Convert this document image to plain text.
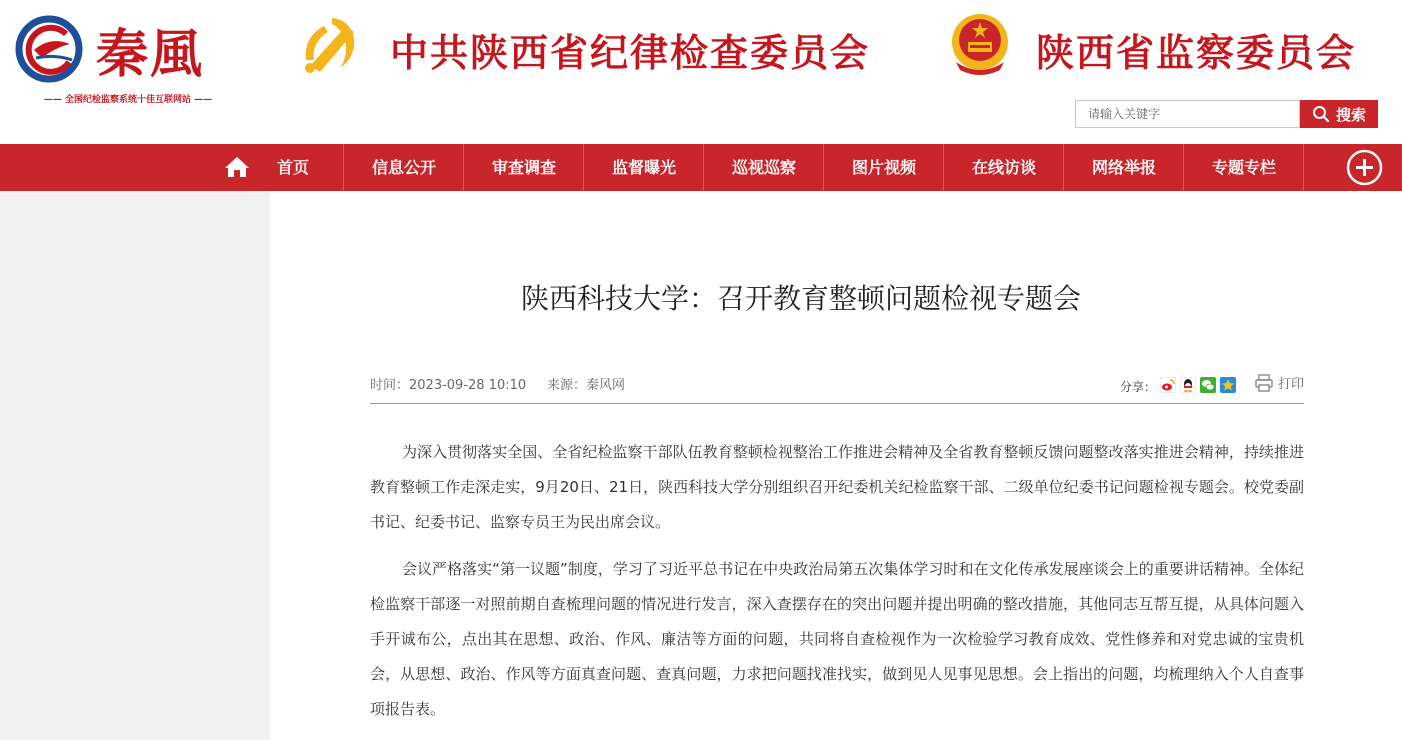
秦風
—— 全国纪检监察系统十佳互联网站 ——
中共陕西省纪律检查委员会	陕西省监察委员会
请输入关键字
搜索
首页	信息公开	审查调查	监督曝光	巡视巡察	图片视频	在线访谈	网络举报	专题专栏
陕西科技大学：召开教育整顿问题检视专题会
时间：2023-09-28 10:10 来源：秦风网	分享：	打印

为深入贯彻落实全国、全省纪检监察干部队伍教育整顿检视整治工作推进会精神及全省教育整顿反馈问题整改落实推进会精神，持续推进教育整顿工作走深走实，9月20日、21日，陕西科技大学分别组织召开纪委机关纪检监察干部、二级单位纪委书记问题检视专题会。校党委副书记、纪委书记、监察专员王为民出席会议。

会议严格落实“第一议题”制度，学习了习近平总书记在中央政治局第五次集体学习时和在文化传承发展座谈会上的重要讲话精神。全体纪检监察干部逐一对照前期自查梳理问题的情况进行发言，深入查摆存在的突出问题并提出明确的整改措施，其他同志互帮互提，从具体问题入手开诚布公，点出其在思想、政治、作风、廉洁等方面的问题，共同将自查检视作为一次检验学习教育成效、党性修养和对党忠诚的宝贵机会，从思想、政治、作风等方面真查问题、查真问题，力求把问题找准找实，做到见人见事见思想。会上指出的问题，均梳理纳入个人自查事项报告表。
